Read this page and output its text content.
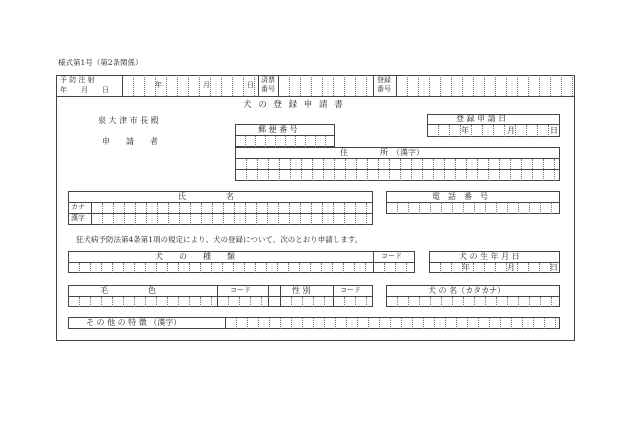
様式第1号（第2条関係）
予 防 注 射
年　　月　　日
年	月	日
済票
番号
登録
番号
犬 の 登 録 申 請 書
泉 大 津 市 長 殿
申　　請　　者
登 録 申 請 日
年	月	日
郵 便 番 号
住　　　　所　（漢字）
氏　　　　　名
カナ
漢字
電　話　番　号
狂犬病予防法第4条第1項の規定により、犬の登録について、次のとおり申請します。
犬　　の　　種　　類	コード	犬 の 生 年 月 日
年	月	日
毛　　　　　色	コード	性 別	コード	犬 の 名（カタカナ）
そ の 他 の 特 徴 （漢字）
